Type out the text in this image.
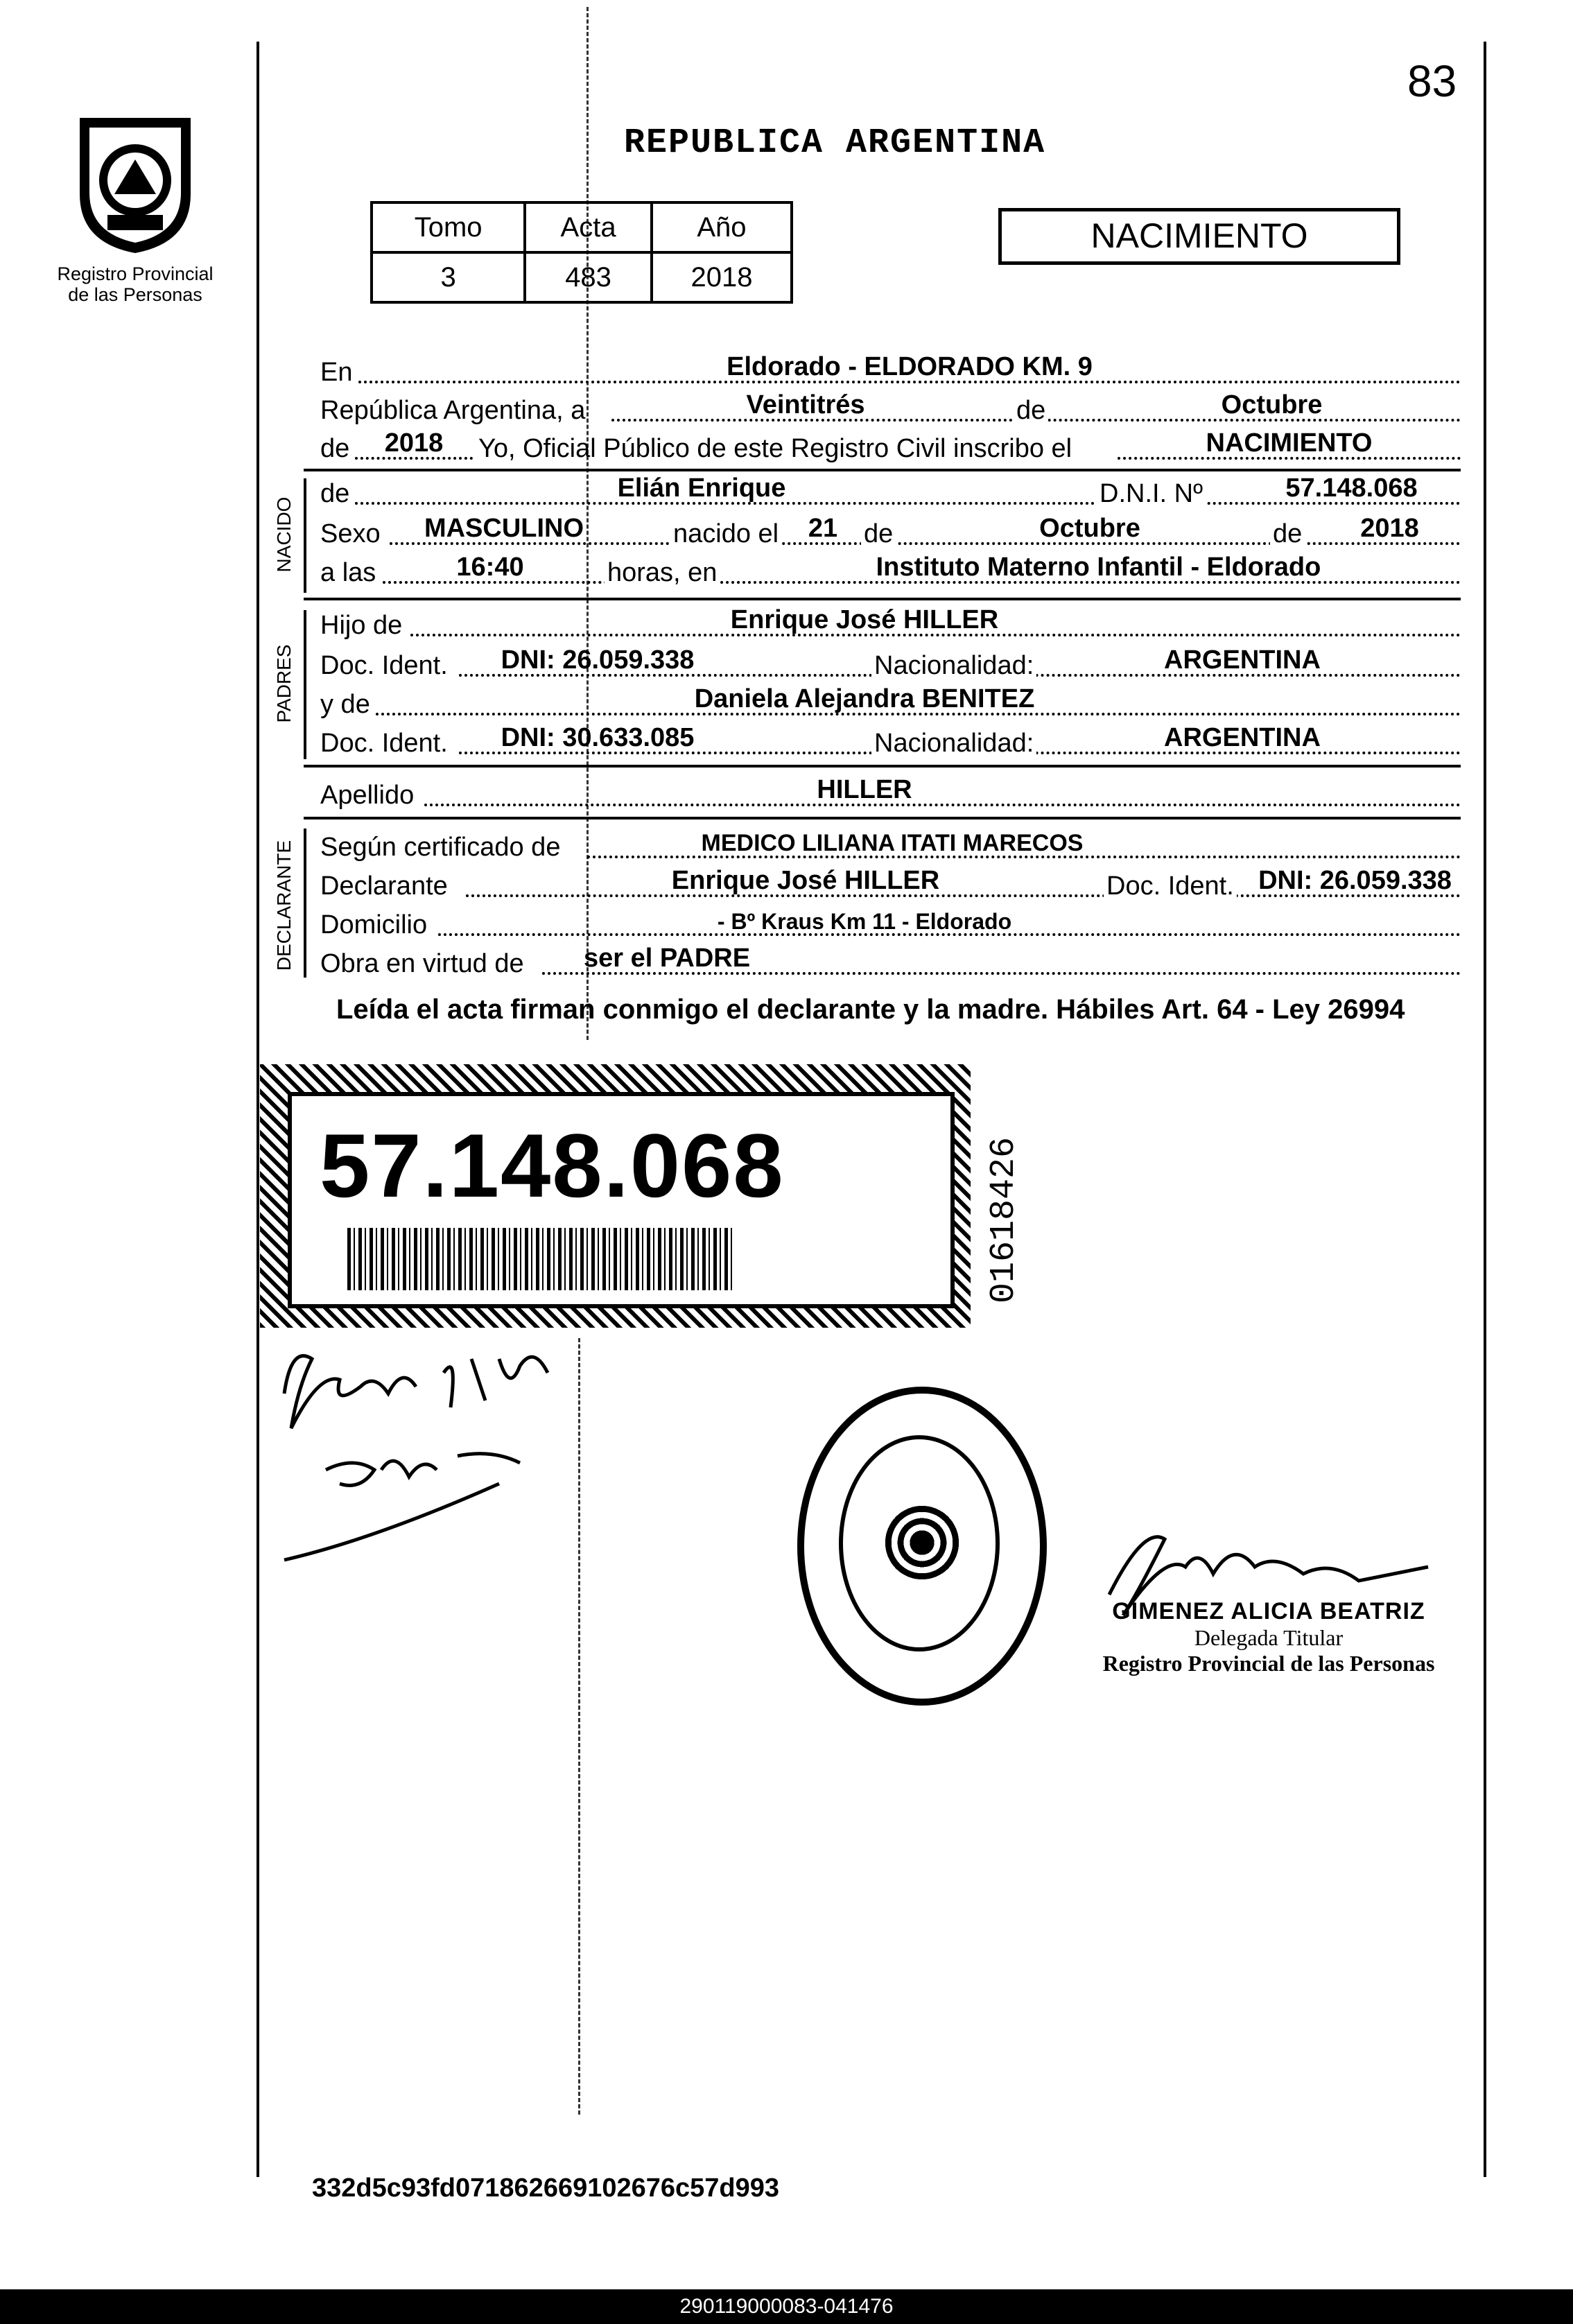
83
REPUBLICA ARGENTINA
Registro Provincial
de las Personas
Tomo	Acta	Año
3	483	2018
NACIMIENTO
En	Eldorado - ELDORADO KM. 9
República Argentina, a	Veintitrés	de	Octubre
de	2018	Yo, Oficial Público de este Registro Civil inscribo el	NACIMIENTO
NACIDO
de	Elián Enrique	D.N.I. Nº	57.148.068
Sexo	MASCULINO	nacido el	21 de	Octubre	de	2018
a las	16:40	horas, en	Instituto Materno Infantil - Eldorado
PADRES
Hijo de	Enrique José HILLER
Doc. Ident.	DNI: 26.059.338	Nacionalidad:	ARGENTINA
y de	Daniela Alejandra BENITEZ
Doc. Ident.	DNI: 30.633.085	Nacionalidad:	ARGENTINA
Apellido	HILLER
DECLARANTE Según certificado de	MEDICO LILIANA ITATI MARECOS
Declarante	Enrique José HILLER	Doc. Ident. DNI: 26.059.338
Domicilio	- Bº Kraus Km 11 - Eldorado
Obra en virtud de ser el PADRE
Leída el acta firman conmigo el declarante y la madre. Hábiles Art. 64 - Ley 26994
57.148.068	01618426
GIMENEZ ALICIA BEATRIZ
Delegada Titular
Registro Provincial de las Personas
332d5c93fd071862669102676c57d993
290119000083-041476
